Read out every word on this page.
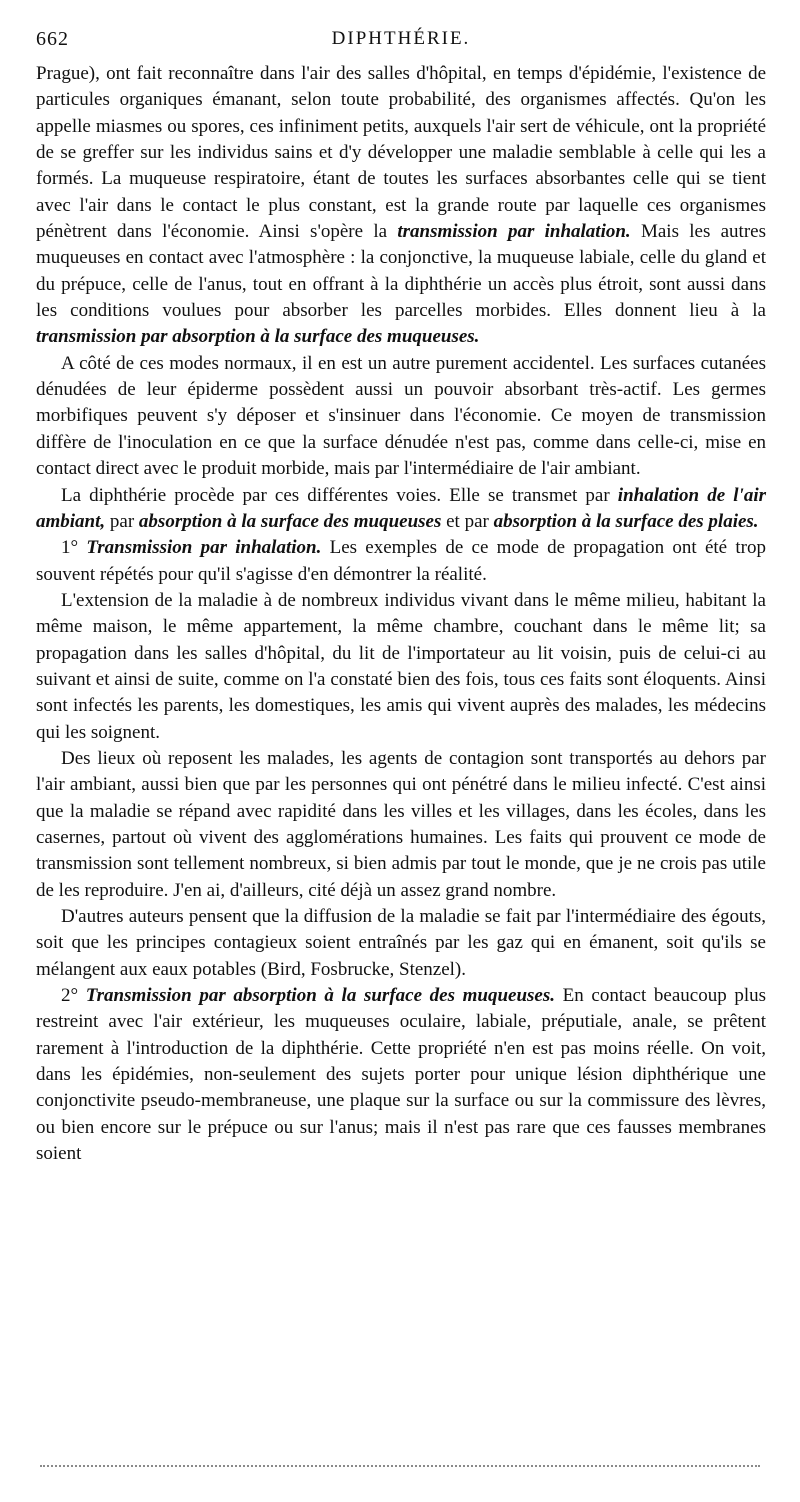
662	DIPHTHÉRIE.

Prague), ont fait reconnaître dans l'air des salles d'hôpital, en temps d'épidémie, l'existence de particules organiques émanant, selon toute probabilité, des organismes affectés. Qu'on les appelle miasmes ou spores, ces infiniment petits, auxquels l'air sert de véhicule, ont la propriété de se greffer sur les individus sains et d'y développer une maladie semblable à celle qui les a formés. La muqueuse respiratoire, étant de toutes les surfaces absorbantes celle qui se tient avec l'air dans le contact le plus constant, est la grande route par laquelle ces organismes pénètrent dans l'économie. Ainsi s'opère la transmission par inhalation. Mais les autres muqueuses en contact avec l'atmosphère : la conjonctive, la muqueuse labiale, celle du gland et du prépuce, celle de l'anus, tout en offrant à la diphthérie un accès plus étroit, sont aussi dans les conditions voulues pour absorber les parcelles morbides. Elles donnent lieu à la transmission par absorption à la surface des muqueuses.

A côté de ces modes normaux, il en est un autre purement accidentel. Les surfaces cutanées dénudées de leur épiderme possèdent aussi un pouvoir absorbant très-actif. Les germes morbifiques peuvent s'y déposer et s'insinuer dans l'économie. Ce moyen de transmission diffère de l'inoculation en ce que la surface dénudée n'est pas, comme dans celle-ci, mise en contact direct avec le produit morbide, mais par l'intermédiaire de l'air ambiant.

La diphthérie procède par ces différentes voies. Elle se transmet par inhalation de l'air ambiant, par absorption à la surface des muqueuses et par absorption à la surface des plaies.

1° Transmission par inhalation. Les exemples de ce mode de propagation ont été trop souvent répétés pour qu'il s'agisse d'en démontrer la réalité.

L'extension de la maladie à de nombreux individus vivant dans le même milieu, habitant la même maison, le même appartement, la même chambre, couchant dans le même lit; sa propagation dans les salles d'hôpital, du lit de l'importateur au lit voisin, puis de celui-ci au suivant et ainsi de suite, comme on l'a constaté bien des fois, tous ces faits sont éloquents. Ainsi sont infectés les parents, les domestiques, les amis qui vivent auprès des malades, les médecins qui les soignent.

Des lieux où reposent les malades, les agents de contagion sont transportés au dehors par l'air ambiant, aussi bien que par les personnes qui ont pénétré dans le milieu infecté. C'est ainsi que la maladie se répand avec rapidité dans les villes et les villages, dans les écoles, dans les casernes, partout où vivent des agglomérations humaines. Les faits qui prouvent ce mode de transmission sont tellement nombreux, si bien admis par tout le monde, que je ne crois pas utile de les reproduire. J'en ai, d'ailleurs, cité déjà un assez grand nombre.

D'autres auteurs pensent que la diffusion de la maladie se fait par l'intermédiaire des égouts, soit que les principes contagieux soient entraînés par les gaz qui en émanent, soit qu'ils se mélangent aux eaux potables (Bird, Fosbrucke, Stenzel).

2° Transmission par absorption à la surface des muqueuses. En contact beaucoup plus restreint avec l'air extérieur, les muqueuses oculaire, labiale, préputiale, anale, se prêtent rarement à l'introduction de la diphthérie. Cette propriété n'en est pas moins réelle. On voit, dans les épidémies, non-seulement des sujets porter pour unique lésion diphthérique une conjonctivite pseudo-membraneuse, une plaque sur la surface ou sur la commissure des lèvres, ou bien encore sur le prépuce ou sur l'anus; mais il n'est pas rare que ces fausses membranes soient
